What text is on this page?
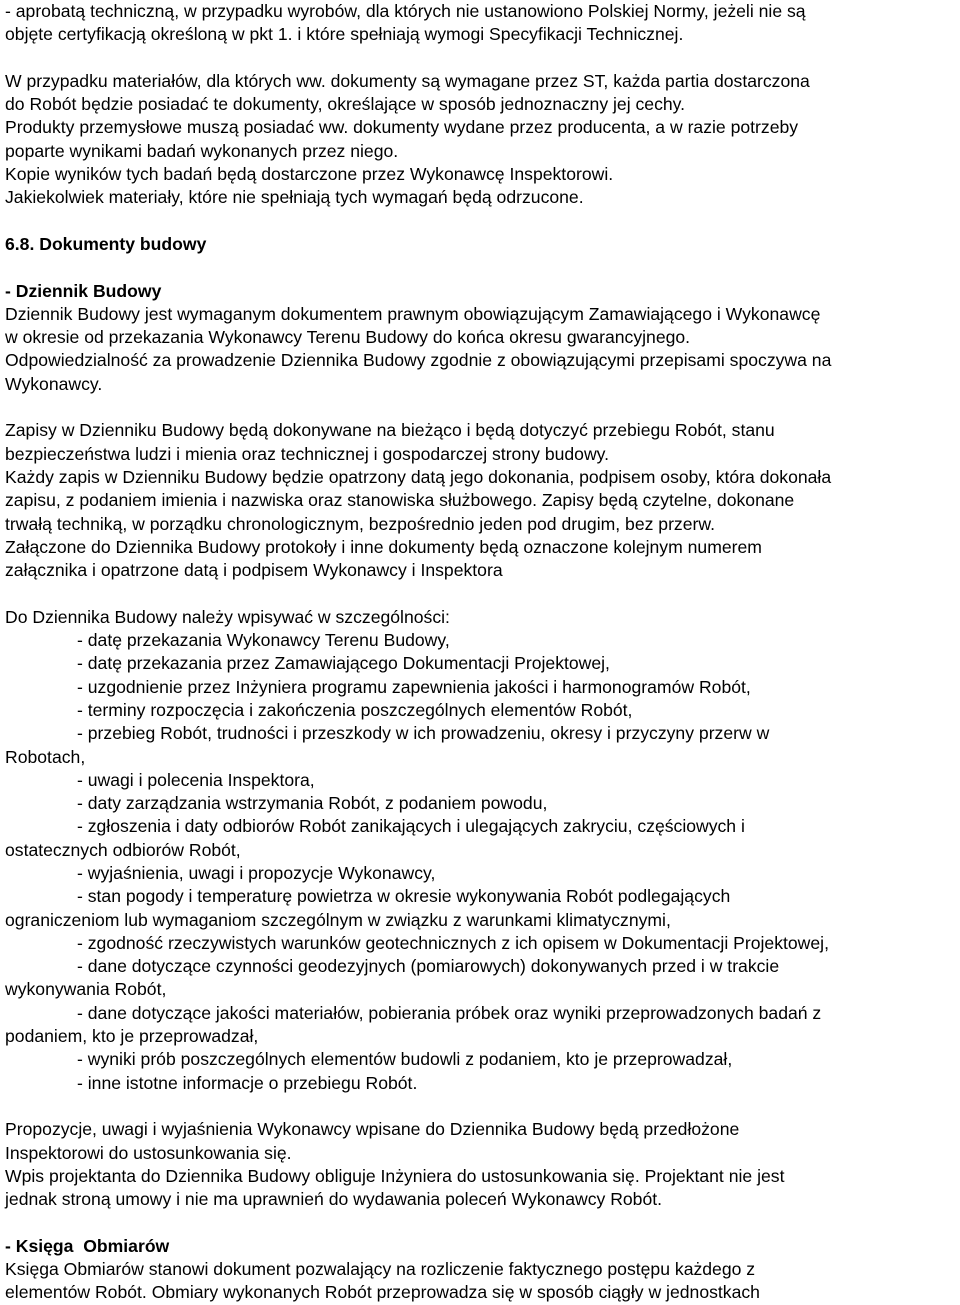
- aprobatą techniczną, w przypadku wyrobów, dla których nie ustanowiono Polskiej Normy, jeżeli nie są
objęte certyfikacją określoną w pkt 1. i które spełniają wymogi Specyfikacji Technicznej.
W przypadku materiałów, dla których ww. dokumenty są wymagane przez ST, każda partia dostarczona
do Robót będzie posiadać te dokumenty, określające w sposób jednoznaczny jej cechy.
Produkty przemysłowe muszą posiadać ww. dokumenty wydane przez producenta, a w razie potrzeby
poparte wynikami badań wykonanych przez niego.
Kopie wyników tych badań będą dostarczone przez Wykonawcę Inspektorowi.
Jakiekolwiek materiały, które nie spełniają tych wymagań będą odrzucone.
6.8. Dokumenty budowy
- Dziennik Budowy
Dziennik Budowy jest wymaganym dokumentem prawnym obowiązującym Zamawiającego i Wykonawcę
w okresie od przekazania Wykonawcy Terenu Budowy do końca okresu gwarancyjnego.
Odpowiedzialność za prowadzenie Dziennika Budowy zgodnie z obowiązującymi przepisami spoczywa na
Wykonawcy.
Zapisy w Dzienniku Budowy będą dokonywane na bieżąco i będą dotyczyć przebiegu Robót, stanu
bezpieczeństwa ludzi i mienia oraz technicznej i gospodarczej strony budowy.
Każdy zapis w Dzienniku Budowy będzie opatrzony datą jego dokonania, podpisem osoby, która dokonała
zapisu, z podaniem imienia i nazwiska oraz stanowiska służbowego. Zapisy będą czytelne, dokonane
trwałą techniką, w porządku chronologicznym, bezpośrednio jeden pod drugim, bez przerw.
Załączone do Dziennika Budowy protokoły i inne dokumenty będą oznaczone kolejnym numerem
załącznika i opatrzone datą i podpisem Wykonawcy i Inspektora
Do Dziennika Budowy należy wpisywać w szczególności:
- datę przekazania Wykonawcy Terenu Budowy,
- datę przekazania przez Zamawiającego Dokumentacji Projektowej,
- uzgodnienie przez Inżyniera programu zapewnienia jakości i harmonogramów Robót,
- terminy rozpoczęcia i zakończenia poszczególnych elementów Robót,
- przebieg Robót, trudności i przeszkody w ich prowadzeniu, okresy i przyczyny przerw w
Robotach,
- uwagi i polecenia Inspektora,
- daty zarządzania wstrzymania Robót, z podaniem powodu,
- zgłoszenia i daty odbiorów Robót zanikających i ulegających zakryciu, częściowych i
ostatecznych odbiorów Robót,
- wyjaśnienia, uwagi i propozycje Wykonawcy,
- stan pogody i temperaturę powietrza w okresie wykonywania Robót podlegających
ograniczeniom lub wymaganiom szczególnym w związku z warunkami klimatycznymi,
- zgodność rzeczywistych warunków geotechnicznych z ich opisem w Dokumentacji Projektowej,
- dane dotyczące czynności geodezyjnych (pomiarowych) dokonywanych przed i w trakcie
wykonywania Robót,
- dane dotyczące jakości materiałów, pobierania próbek oraz wyniki przeprowadzonych badań z
podaniem, kto je przeprowadzał,
- wyniki prób poszczególnych elementów budowli z podaniem, kto je przeprowadzał,
- inne istotne informacje o przebiegu Robót.
Propozycje, uwagi i wyjaśnienia Wykonawcy wpisane do Dziennika Budowy będą przedłożone
Inspektorowi do ustosunkowania się.
Wpis projektanta do Dziennika Budowy obliguje Inżyniera do ustosunkowania się. Projektant nie jest
jednak stroną umowy i nie ma uprawnień do wydawania poleceń Wykonawcy Robót.
- Księga  Obmiarów
Księga Obmiarów stanowi dokument pozwalający na rozliczenie faktycznego postępu każdego z
elementów Robót. Obmiary wykonanych Robót przeprowadza się w sposób ciągły w jednostkach
